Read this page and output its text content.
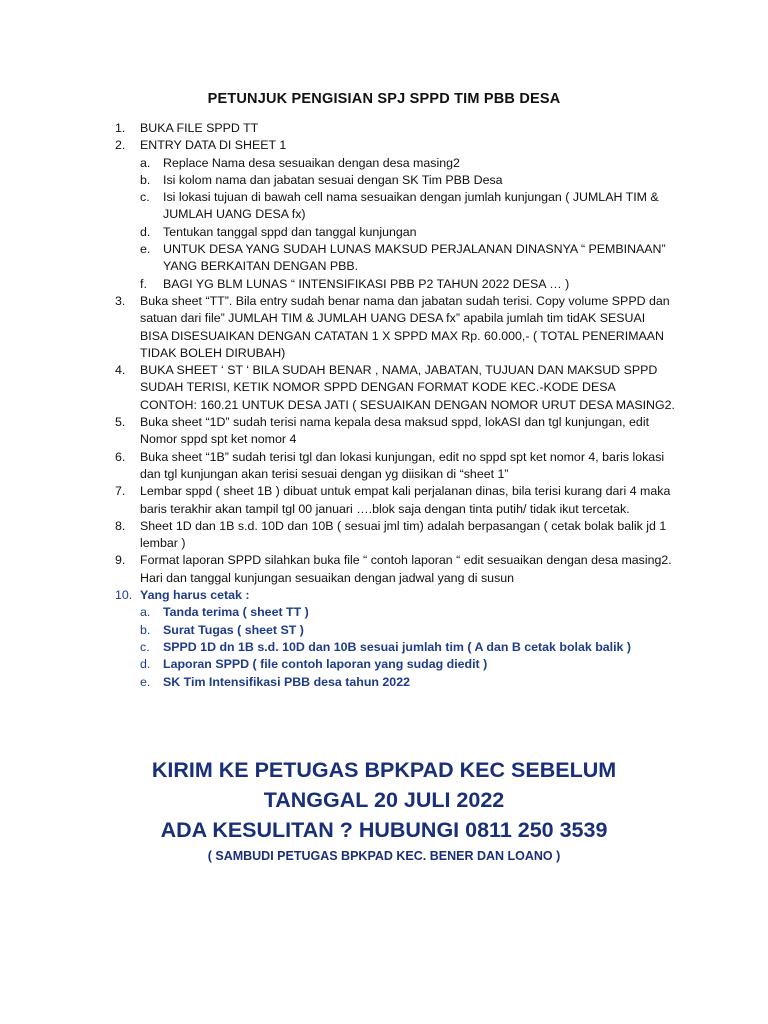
PETUNJUK PENGISIAN SPJ SPPD TIM PBB DESA
1. BUKA FILE SPPD TT
2. ENTRY DATA DI SHEET 1
a. Replace Nama desa sesuaikan dengan desa masing2
b. Isi kolom nama dan jabatan sesuai dengan SK Tim PBB Desa
c. Isi lokasi tujuan di bawah cell nama sesuaikan dengan jumlah kunjungan ( JUMLAH TIM & JUMLAH UANG DESA fx)
d. Tentukan tanggal sppd dan tanggal kunjungan
e. UNTUK DESA YANG SUDAH LUNAS MAKSUD PERJALANAN DINASNYA “ PEMBINAAN” YANG BERKAITAN DENGAN PBB.
f. BAGI YG BLM LUNAS “ INTENSIFIKASI PBB P2 TAHUN 2022 DESA … )
3. Buka sheet “TT”. Bila entry sudah benar nama dan jabatan sudah terisi. Copy volume SPPD dan satuan dari file” JUMLAH TIM & JUMLAH UANG DESA fx” apabila jumlah tim tidAK SESUAI BISA DISESUAIKAN DENGAN CATATAN 1 X SPPD MAX Rp. 60.000,- ( TOTAL PENERIMAAN TIDAK BOLEH DIRUBAH)
4. BUKA SHEET ‘ ST ‘ BILA SUDAH BENAR , NAMA, JABATAN, TUJUAN DAN MAKSUD SPPD SUDAH TERISI, KETIK NOMOR SPPD DENGAN FORMAT KODE KEC.-KODE DESA CONTOH: 160.21 UNTUK DESA JATI ( SESUAIKAN DENGAN NOMOR URUT DESA MASING2.
5. Buka sheet “1D” sudah terisi nama kepala desa maksud sppd, lokASI dan tgl kunjungan, edit Nomor sppd spt ket nomor 4
6. Buka sheet “1B” sudah terisi tgl dan lokasi kunjungan, edit no sppd spt ket nomor 4, baris lokasi dan tgl kunjungan akan terisi sesuai dengan yg diisikan di “sheet 1”
7. Lembar sppd ( sheet 1B ) dibuat untuk empat kali perjalanan dinas, bila terisi kurang dari 4 maka baris terakhir akan tampil tgl 00 januari ….blok saja dengan tinta putih/ tidak ikut tercetak.
8. Sheet 1D dan 1B s.d. 10D dan 10B ( sesuai jml tim) adalah berpasangan ( cetak bolak balik jd 1 lembar )
9. Format laporan SPPD silahkan buka file “ contoh laporan “ edit sesuaikan dengan desa masing2. Hari dan tanggal kunjungan sesuaikan dengan jadwal yang di susun
10. Yang harus cetak :
a. Tanda terima ( sheet TT )
b. Surat Tugas ( sheet ST )
c. SPPD 1D dn 1B s.d. 10D dan 10B sesuai jumlah tim ( A dan B cetak bolak balik )
d. Laporan SPPD ( file contoh laporan yang sudag diedit )
e. SK Tim Intensifikasi PBB desa tahun 2022
KIRIM KE PETUGAS BPKPAD KEC SEBELUM
TANGGAL 20 JULI 2022
ADA KESULITAN ? HUBUNGI 0811 250 3539
( SAMBUDI PETUGAS BPKPAD KEC. BENER DAN LOANO )
